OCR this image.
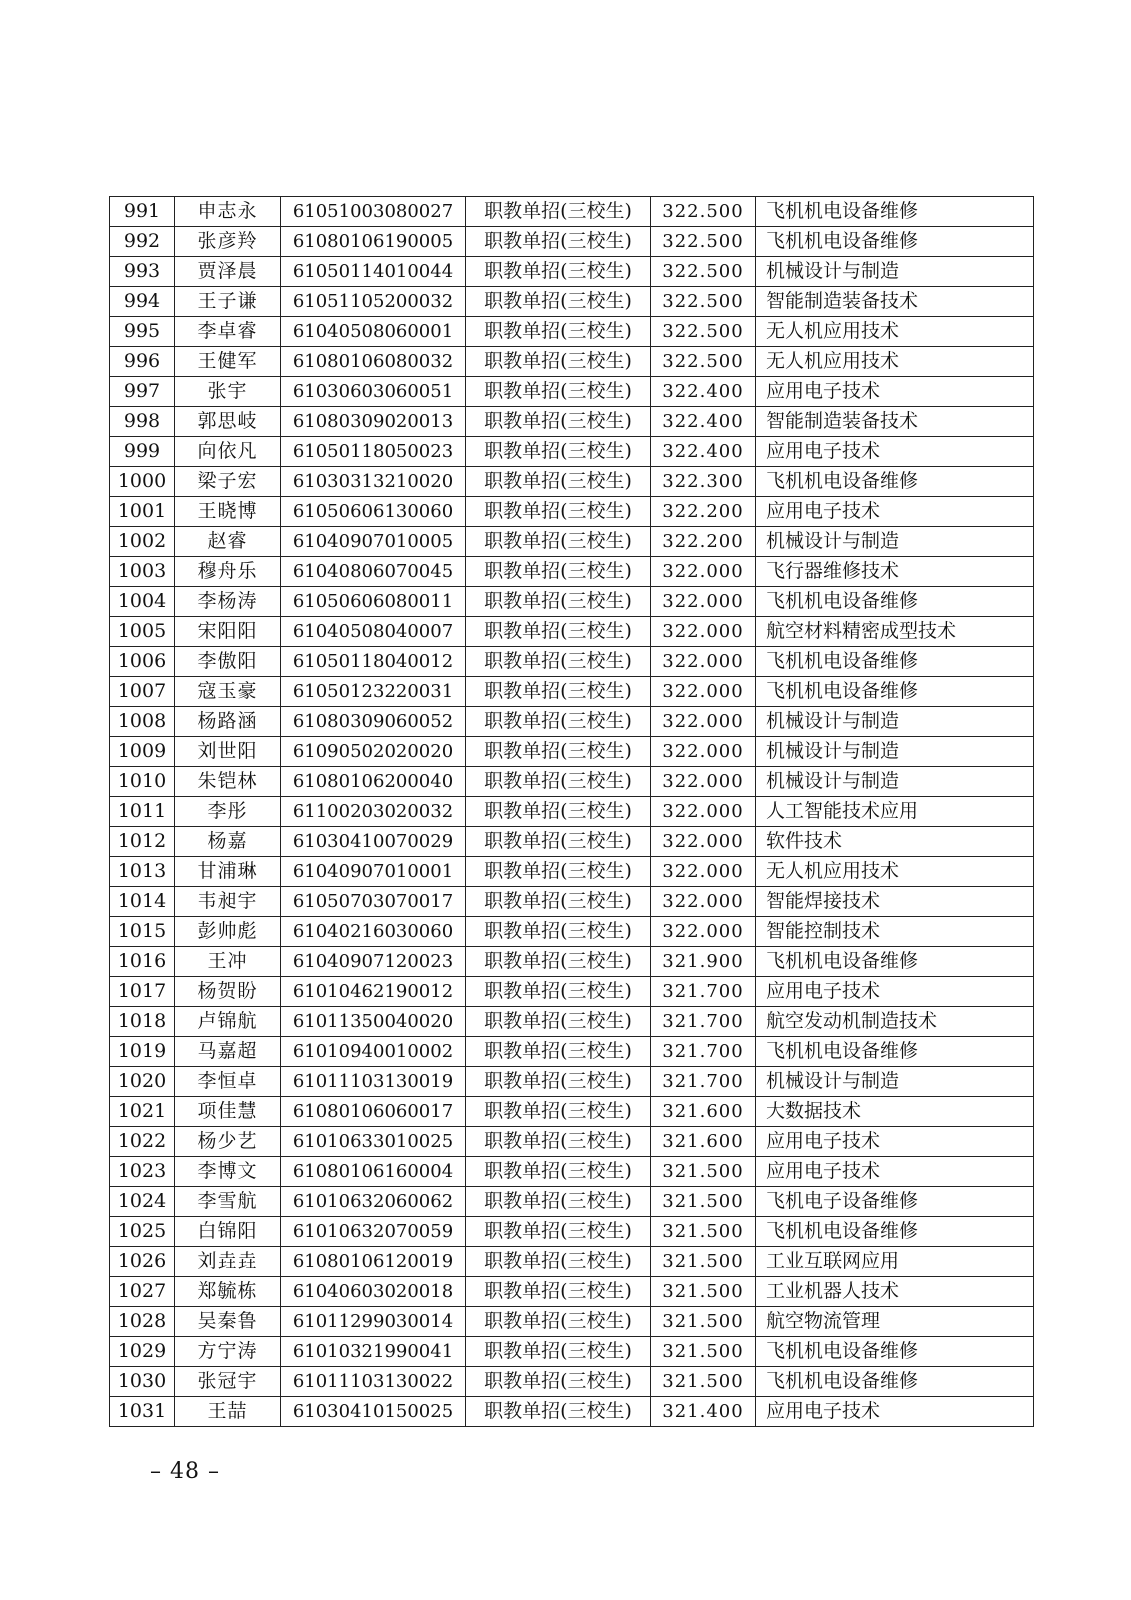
991	申志永	61051003080027	职教单招(三校生)	322.500	飞机机电设备维修
992	张彦羚	61080106190005	职教单招(三校生)	322.500	飞机机电设备维修
993	贾泽晨	61050114010044	职教单招(三校生)	322.500	机械设计与制造
994	王子谦	61051105200032	职教单招(三校生)	322.500	智能制造装备技术
995	李卓睿	61040508060001	职教单招(三校生)	322.500	无人机应用技术
996	王健军	61080106080032	职教单招(三校生)	322.500	无人机应用技术
997	张宇	61030603060051	职教单招(三校生)	322.400	应用电子技术
998	郭思岐	61080309020013	职教单招(三校生)	322.400	智能制造装备技术
999	向依凡	61050118050023	职教单招(三校生)	322.400	应用电子技术
1000	梁子宏	61030313210020	职教单招(三校生)	322.300	飞机机电设备维修
1001	王晓博	61050606130060	职教单招(三校生)	322.200	应用电子技术
1002	赵睿	61040907010005	职教单招(三校生)	322.200	机械设计与制造
1003	穆舟乐	61040806070045	职教单招(三校生)	322.000	飞行器维修技术
1004	李杨涛	61050606080011	职教单招(三校生)	322.000	飞机机电设备维修
1005	宋阳阳	61040508040007	职教单招(三校生)	322.000	航空材料精密成型技术
1006	李傲阳	61050118040012	职教单招(三校生)	322.000	飞机机电设备维修
1007	寇玉豪	61050123220031	职教单招(三校生)	322.000	飞机机电设备维修
1008	杨路涵	61080309060052	职教单招(三校生)	322.000	机械设计与制造
1009	刘世阳	61090502020020	职教单招(三校生)	322.000	机械设计与制造
1010	朱铠林	61080106200040	职教单招(三校生)	322.000	机械设计与制造
1011	李彤	61100203020032	职教单招(三校生)	322.000	人工智能技术应用
1012	杨嘉	61030410070029	职教单招(三校生)	322.000	软件技术
1013	甘浦琳	61040907010001	职教单招(三校生)	322.000	无人机应用技术
1014	韦昶宇	61050703070017	职教单招(三校生)	322.000	智能焊接技术
1015	彭帅彪	61040216030060	职教单招(三校生)	322.000	智能控制技术
1016	王冲	61040907120023	职教单招(三校生)	321.900	飞机机电设备维修
1017	杨贺盼	61010462190012	职教单招(三校生)	321.700	应用电子技术
1018	卢锦航	61011350040020	职教单招(三校生)	321.700	航空发动机制造技术
1019	马嘉超	61010940010002	职教单招(三校生)	321.700	飞机机电设备维修
1020	李恒卓	61011103130019	职教单招(三校生)	321.700	机械设计与制造
1021	项佳慧	61080106060017	职教单招(三校生)	321.600	大数据技术
1022	杨少艺	61010633010025	职教单招(三校生)	321.600	应用电子技术
1023	李博文	61080106160004	职教单招(三校生)	321.500	应用电子技术
1024	李雪航	61010632060062	职教单招(三校生)	321.500	飞机电子设备维修
1025	白锦阳	61010632070059	职教单招(三校生)	321.500	飞机机电设备维修
1026	刘垚垚	61080106120019	职教单招(三校生)	321.500	工业互联网应用
1027	郑毓栋	61040603020018	职教单招(三校生)	321.500	工业机器人技术
1028	吴秦鲁	61011299030014	职教单招(三校生)	321.500	航空物流管理
1029	方宁涛	61010321990041	职教单招(三校生)	321.500	飞机机电设备维修
1030	张冠宇	61011103130022	职教单招(三校生)	321.500	飞机机电设备维修
1031	王喆	61030410150025	职教单招(三校生)	321.400	应用电子技术
– 48 –
